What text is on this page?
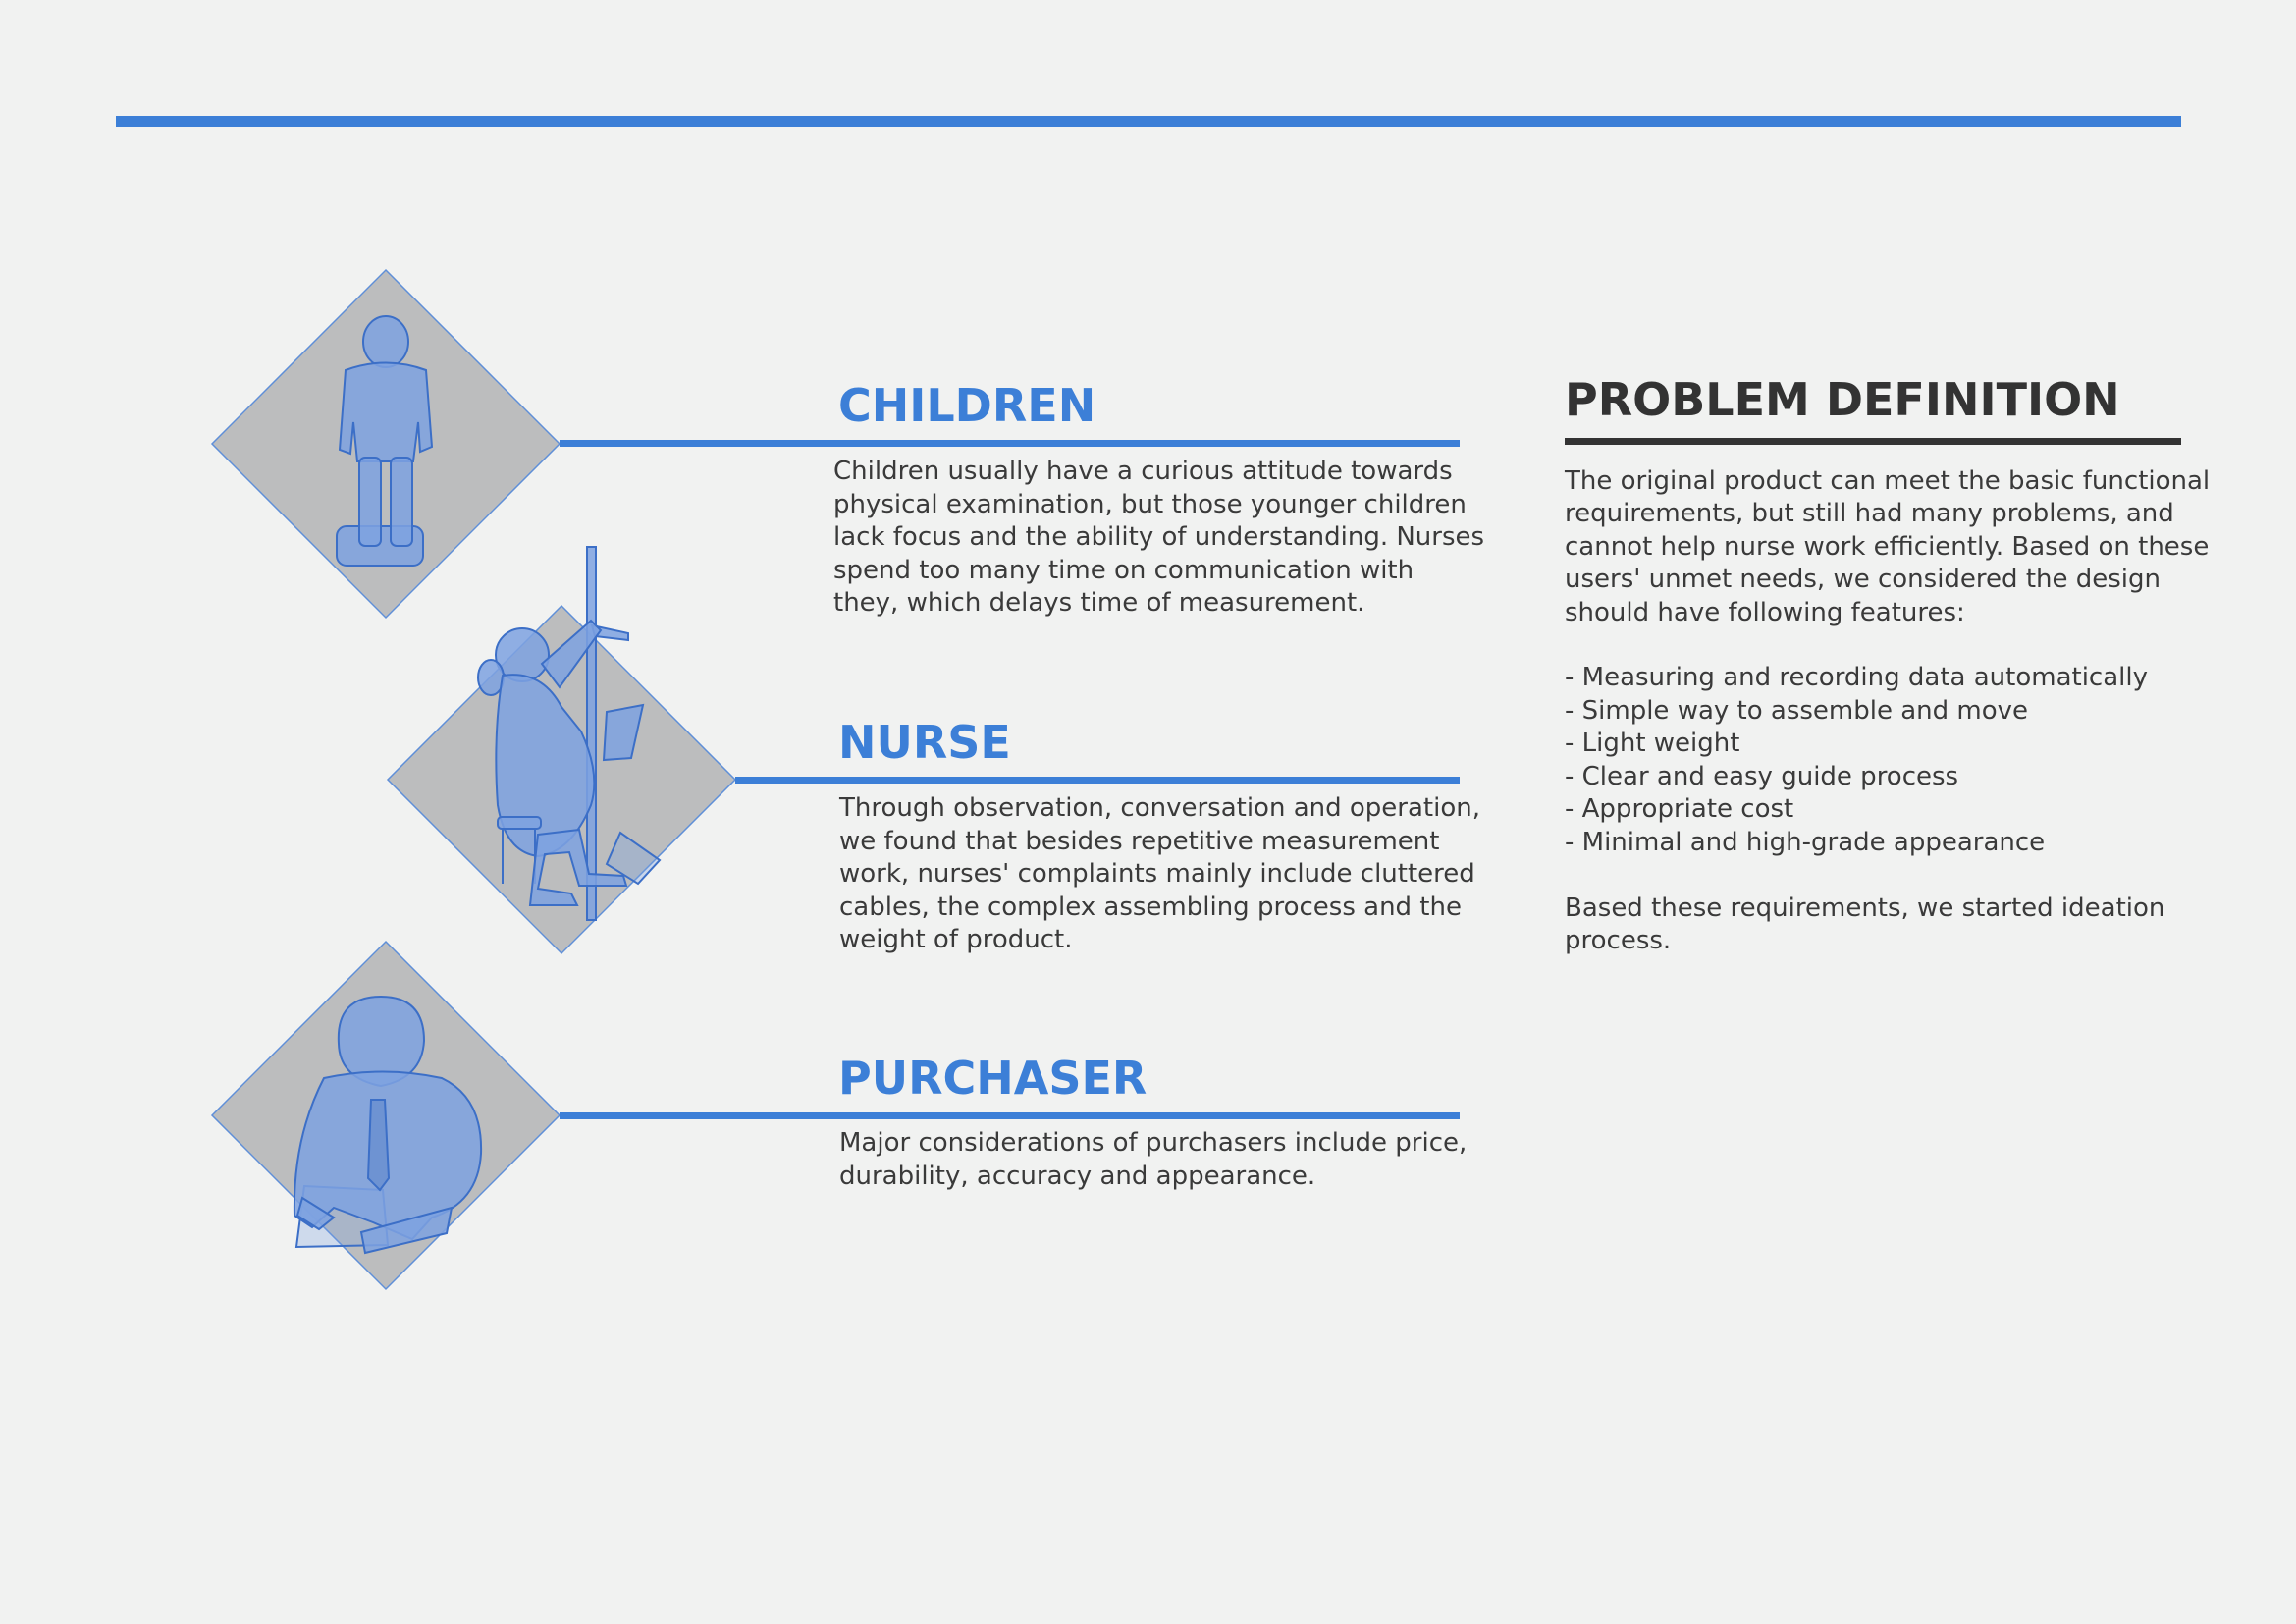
CHILDREN

Children usually have a curious attitude towards

physical examination, but those younger children

lack focus and the ability of understanding. Nurses

spend too many time on communication with

they, which delays time of measurement.

NURSE

Through observation, conversation and operation,

we found that besides repetitive measurement

work, nurses' complaints mainly include cluttered

cables, the complex assembling process and the

weight of product.

PURCHASER

Major considerations of purchasers include price,

durability, accuracy and appearance.

PROBLEM DEFINITION

The original product can meet the basic functional

requirements, but still had many problems, and

cannot help nurse work efficiently. Based on these

users' unmet needs, we considered the design

should have following features:

- Measuring and recording data automatically
- Simple way to assemble and move
- Light weight
- Clear and easy guide process
- Appropriate cost
- Minimal and high-grade appearance

Based these requirements, we started ideation

process.
